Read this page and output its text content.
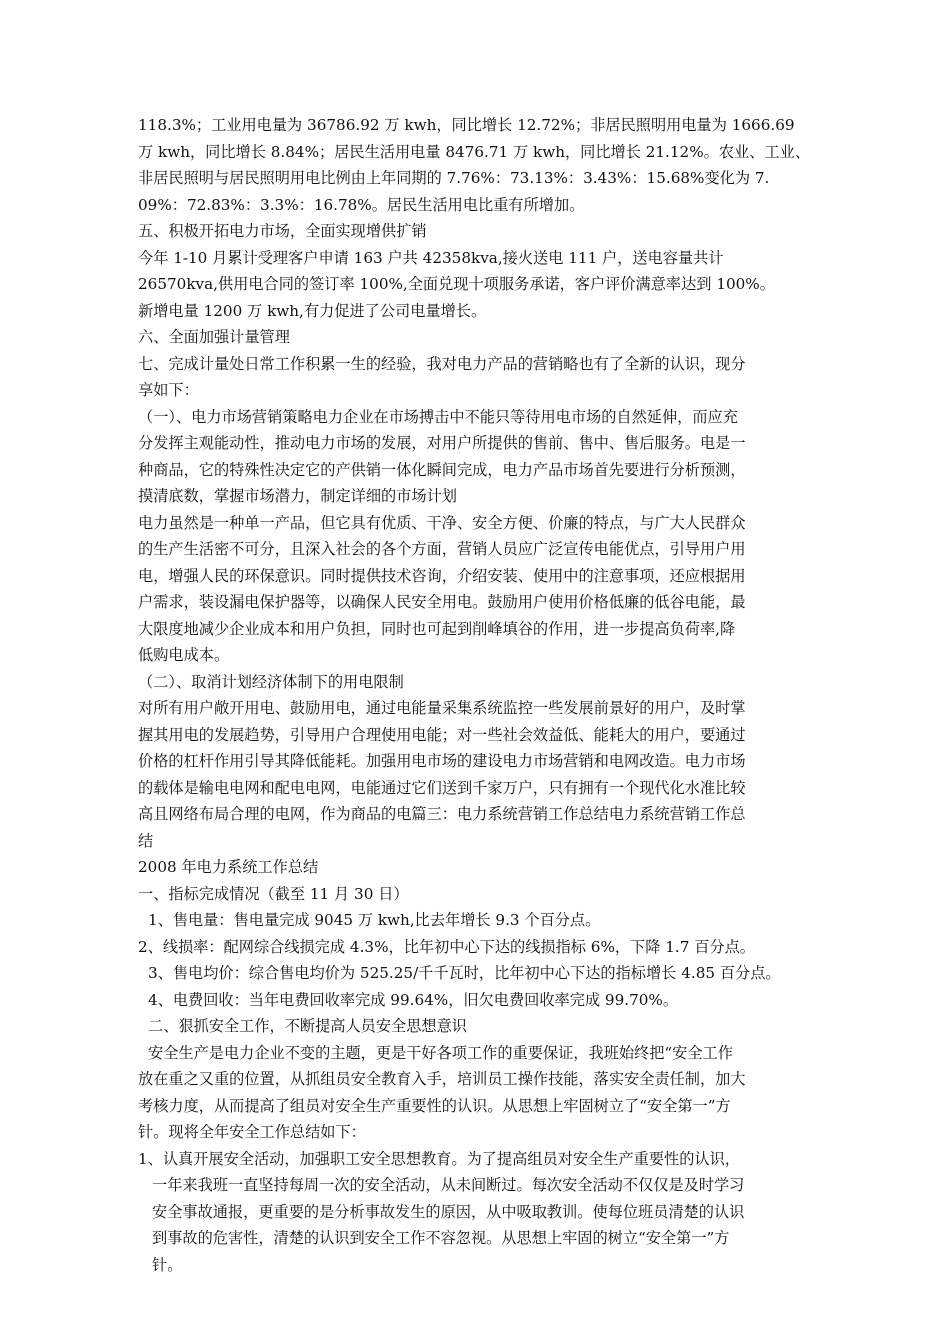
118.3%；工业用电量为 36786.92 万 kwh，同比增长 12.72%；非居民照明用电量为 1666.69
万 kwh，同比增长 8.84%；居民生活用电量 8476.71 万 kwh，同比增长 21.12%。农业、工业、
非居民照明与居民照明用电比例由上年同期的 7.76%：73.13%：3.43%：15.68%变化为 7.
09%：72.83%：3.3%：16.78%。居民生活用电比重有所增加。
五、积极开拓电力市场，全面实现增供扩销
今年 1-10 月累计受理客户申请 163 户共 42358kva,接火送电 111 户，送电容量共计
26570kva,供用电合同的签订率 100%,全面兑现十项服务承诺，客户评价满意率达到 100%。
新增电量 1200 万 kwh,有力促进了公司电量增长。
六、全面加强计量管理
七、完成计量处日常工作积累一生的经验，我对电力产品的营销略也有了全新的认识，现分
享如下：
（一）、电力市场营销策略电力企业在市场搏击中不能只等待用电市场的自然延伸，而应充
分发挥主观能动性，推动电力市场的发展，对用户所提供的售前、售中、售后服务。电是一
种商品，它的特殊性决定它的产供销一体化瞬间完成，电力产品市场首先要进行分析预测，
摸清底数，掌握市场潜力，制定详细的市场计划
电力虽然是一种单一产品，但它具有优质、干净、安全方便、价廉的特点，与广大人民群众
的生产生活密不可分，且深入社会的各个方面，营销人员应广泛宣传电能优点，引导用户用
电，增强人民的环保意识。同时提供技术咨询，介绍安装、使用中的注意事项，还应根据用
户需求，装设漏电保护器等，以确保人民安全用电。鼓励用户使用价格低廉的低谷电能，最
大限度地减少企业成本和用户负担，同时也可起到削峰填谷的作用，进一步提高负荷率,降
低购电成本。
（二）、取消计划经济体制下的用电限制
对所有用户敞开用电、鼓励用电，通过电能量采集系统监控一些发展前景好的用户，及时掌
握其用电的发展趋势，引导用户合理使用电能；对一些社会效益低、能耗大的用户，要通过
价格的杠杆作用引导其降低能耗。加强用电市场的建设电力市场营销和电网改造。电力市场
的载体是输电电网和配电电网，电能通过它们送到千家万户，只有拥有一个现代化水准比较
高且网络布局合理的电网，作为商品的电篇三：电力系统营销工作总结电力系统营销工作总
结
2008 年电力系统工作总结
一、指标完成情况（截至 11 月 30 日）
1、售电量：售电量完成 9045 万 kwh,比去年增长 9.3 个百分点。
2、线损率：配网综合线损完成 4.3%，比年初中心下达的线损指标 6%，下降 1.7 百分点。
3、售电均价：综合售电均价为 525.25/千千瓦时，比年初中心下达的指标增长 4.85 百分点。
4、电费回收：当年电费回收率完成 99.64%，旧欠电费回收率完成 99.70%。
二、狠抓安全工作，不断提高人员安全思想意识
安全生产是电力企业不变的主题，更是干好各项工作的重要保证，我班始终把“安全工作
放在重之又重的位置，从抓组员安全教育入手，培训员工操作技能，落实安全责任制，加大
考核力度，从而提高了组员对安全生产重要性的认识。从思想上牢固树立了“安全第一”方
针。现将全年安全工作总结如下：
1、认真开展安全活动，加强职工安全思想教育。为了提高组员对安全生产重要性的认识，
一年来我班一直坚持每周一次的安全活动，从未间断过。每次安全活动不仅仅是及时学习
安全事故通报，更重要的是分析事故发生的原因，从中吸取教训。使每位班员清楚的认识
到事故的危害性，清楚的认识到安全工作不容忽视。从思想上牢固的树立“安全第一”方
针。
